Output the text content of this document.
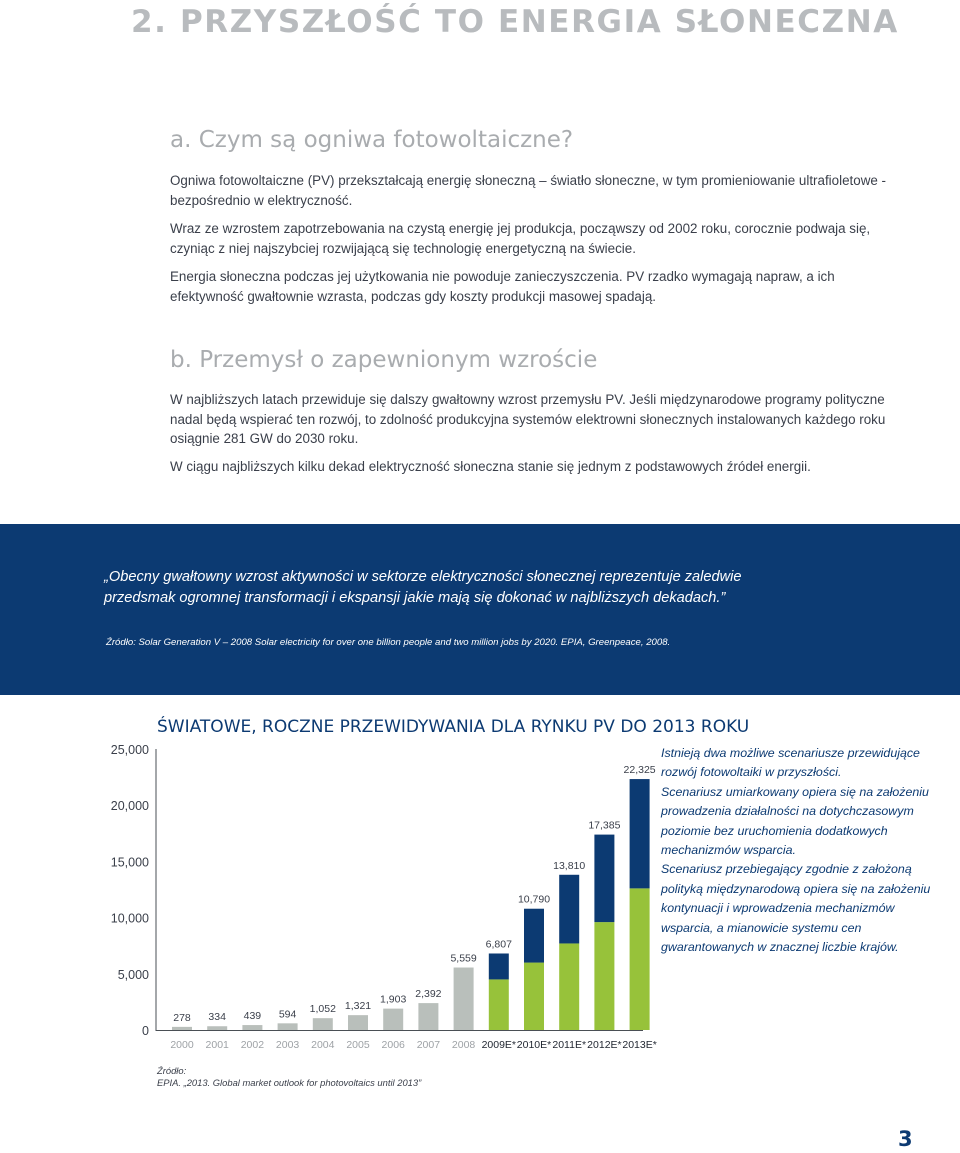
2. PRZYSZŁOŚĆ TO ENERGIA SŁONECZNA
a. Czym są ogniwa fotowoltaiczne?
Ogniwa fotowoltaiczne (PV) przekształcają energię słoneczną – światło słoneczne, w tym promieniowanie ultrafioletowe - bezpośrednio w elektryczność.
Wraz ze wzrostem zapotrzebowania na czystą energię jej produkcja, począwszy od 2002 roku, corocznie podwaja się, czyniąc z niej najszybciej rozwijającą się technologię energetyczną na świecie.
Energia słoneczna podczas jej użytkowania nie powoduje zanieczyszczenia. PV rzadko wymagają napraw, a ich efektywność gwałtownie wzrasta, podczas gdy koszty produkcji masowej spadają.
b. Przemysł o zapewnionym wzroście
W najbliższych latach przewiduje się dalszy gwałtowny wzrost przemysłu PV. Jeśli międzynarodowe programy polityczne nadal będą wspierać ten rozwój, to zdolność produkcyjna systemów elektrowni słonecznych instalowanych każdego roku osiągnie 281 GW do 2030 roku.
W ciągu najbliższych kilku dekad elektryczność słoneczna stanie się jednym z podstawowych źródeł energii.
„Obecny gwałtowny wzrost aktywności w sektorze elektryczności słonecznej reprezentuje zaledwie przedsmak ogromnej transformacji i ekspansji jakie mają się dokonać w najbliższych dekadach.”
Źródło: Solar Generation V – 2008 Solar electricity for over one billion people and two million jobs by 2020. EPIA, Greenpeace, 2008.
ŚWIATOWE, ROCZNE PRZEWIDYWANIA DLA RYNKU PV DO 2013 ROKU
0
5,000
10,000
15,000
20,000
25,000
278
2000
334
2001
439
2002
594
2003
1,052
2004
1,321
2005
1,903
2006
2,392
2007
5,559
2008
6,807
2009E*
10,790
2010E*
13,810
2011E*
17,385
2012E*
22,325
2013E*

Istnieją dwa możliwe scenariusze przewidujące rozwój fotowoltaiki w przyszłości.

Scenariusz umiarkowany opiera się na założeniu prowadzenia działalności na dotychczasowym poziomie bez uruchomienia dodatkowych mechanizmów wsparcia.

Scenariusz przebiegający zgodnie z założoną polityką międzynarodową opiera się na założeniu kontynuacji i wprowadzenia mechanizmów wsparcia, a mianowicie systemu cen gwarantowanych w znacznej liczbie krajów.

Źródło:
EPIA. „2013. Global market outlook for photovoltaics until 2013”
3
